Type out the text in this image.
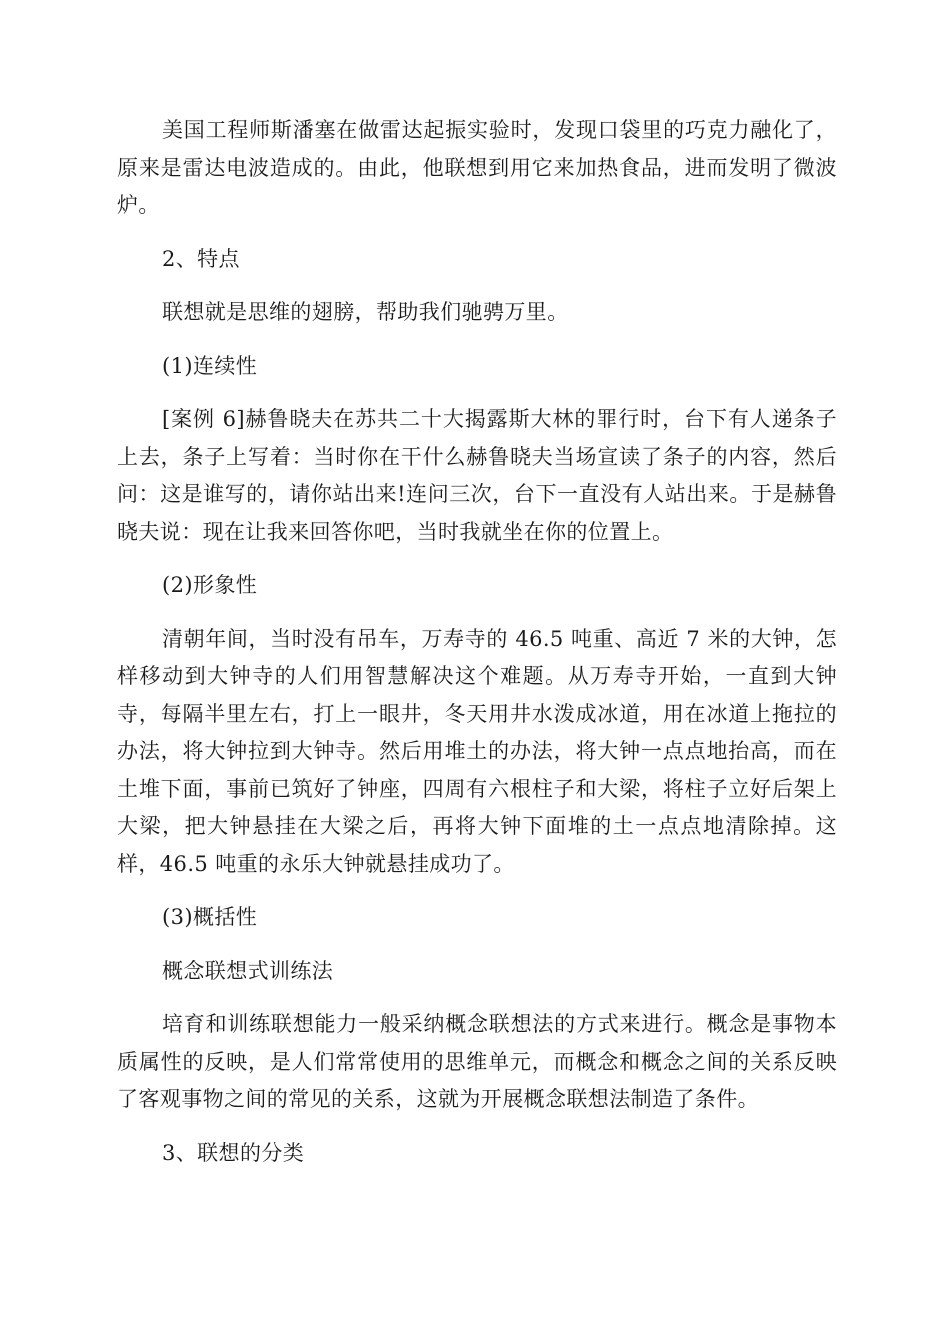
美国工程师斯潘塞在做雷达起振实验时，发现口袋里的巧克力融化了，原来是雷达电波造成的。由此，他联想到用它来加热食品，进而发明了微波炉。

2、特点

联想就是思维的翅膀，帮助我们驰骋万里。

(1)连续性

[案例 6]赫鲁晓夫在苏共二十大揭露斯大林的罪行时，台下有人递条子上去，条子上写着：当时你在干什么赫鲁晓夫当场宣读了条子的内容，然后问：这是谁写的，请你站出来!连问三次，台下一直没有人站出来。于是赫鲁晓夫说：现在让我来回答你吧，当时我就坐在你的位置上。

(2)形象性

清朝年间，当时没有吊车，万寿寺的 46.5 吨重、高近 7 米的大钟，怎样移动到大钟寺的人们用智慧解决这个难题。从万寿寺开始，一直到大钟寺，每隔半里左右，打上一眼井，冬天用井水泼成冰道，用在冰道上拖拉的办法，将大钟拉到大钟寺。然后用堆土的办法，将大钟一点点地抬高，而在土堆下面，事前已筑好了钟座，四周有六根柱子和大梁，将柱子立好后架上大梁，把大钟悬挂在大梁之后，再将大钟下面堆的土一点点地清除掉。这样，46.5 吨重的永乐大钟就悬挂成功了。

(3)概括性

概念联想式训练法

培育和训练联想能力一般采纳概念联想法的方式来进行。概念是事物本质属性的反映，是人们常常使用的思维单元，而概念和概念之间的关系反映了客观事物之间的常见的关系，这就为开展概念联想法制造了条件。

3、联想的分类
